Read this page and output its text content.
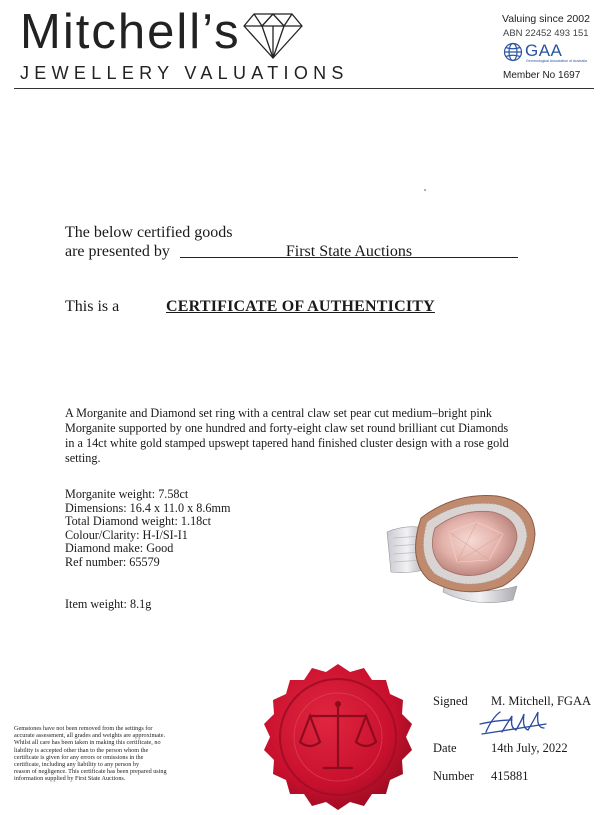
Mitchell’s
JEWELLERY VALUATIONS
Valuing since 2002
ABN 22452 493 151
GAA
Gemmological Association of Australia
Member No 1697
The below certified goods
are presented by	First State Auctions
This is a	CERTIFICATE OF AUTHENTICITY
A Morganite and Diamond set ring with a central claw set pear cut medium–bright pink
Morganite supported by one hundred and forty-eight claw set round brilliant cut Diamonds
in a 14ct white gold stamped upswept tapered hand finished cluster design with a rose gold
setting.
Morganite weight: 7.58ct
Dimensions: 16.4 x 11.0 x 8.6mm
Total Diamond weight: 1.18ct
Colour/Clarity: H-I/SI-I1
Diamond make: Good
Ref number: 65579
Item weight: 8.1g
Gemstones have not been removed from the settings for
accurate assessment, all grades and weights are approximate.
Whilst all care has been taken in making this certificate, no
liability is accepted other than to the person whom the
certificate is given for any errors or omissions in the
certificate, including any liability to any person by
reason of negligence. This certificate has been prepared using
information supplied by First State Auctions.
Signed M. Mitchell, FGAA
Date	14th July, 2022
Number 415881
